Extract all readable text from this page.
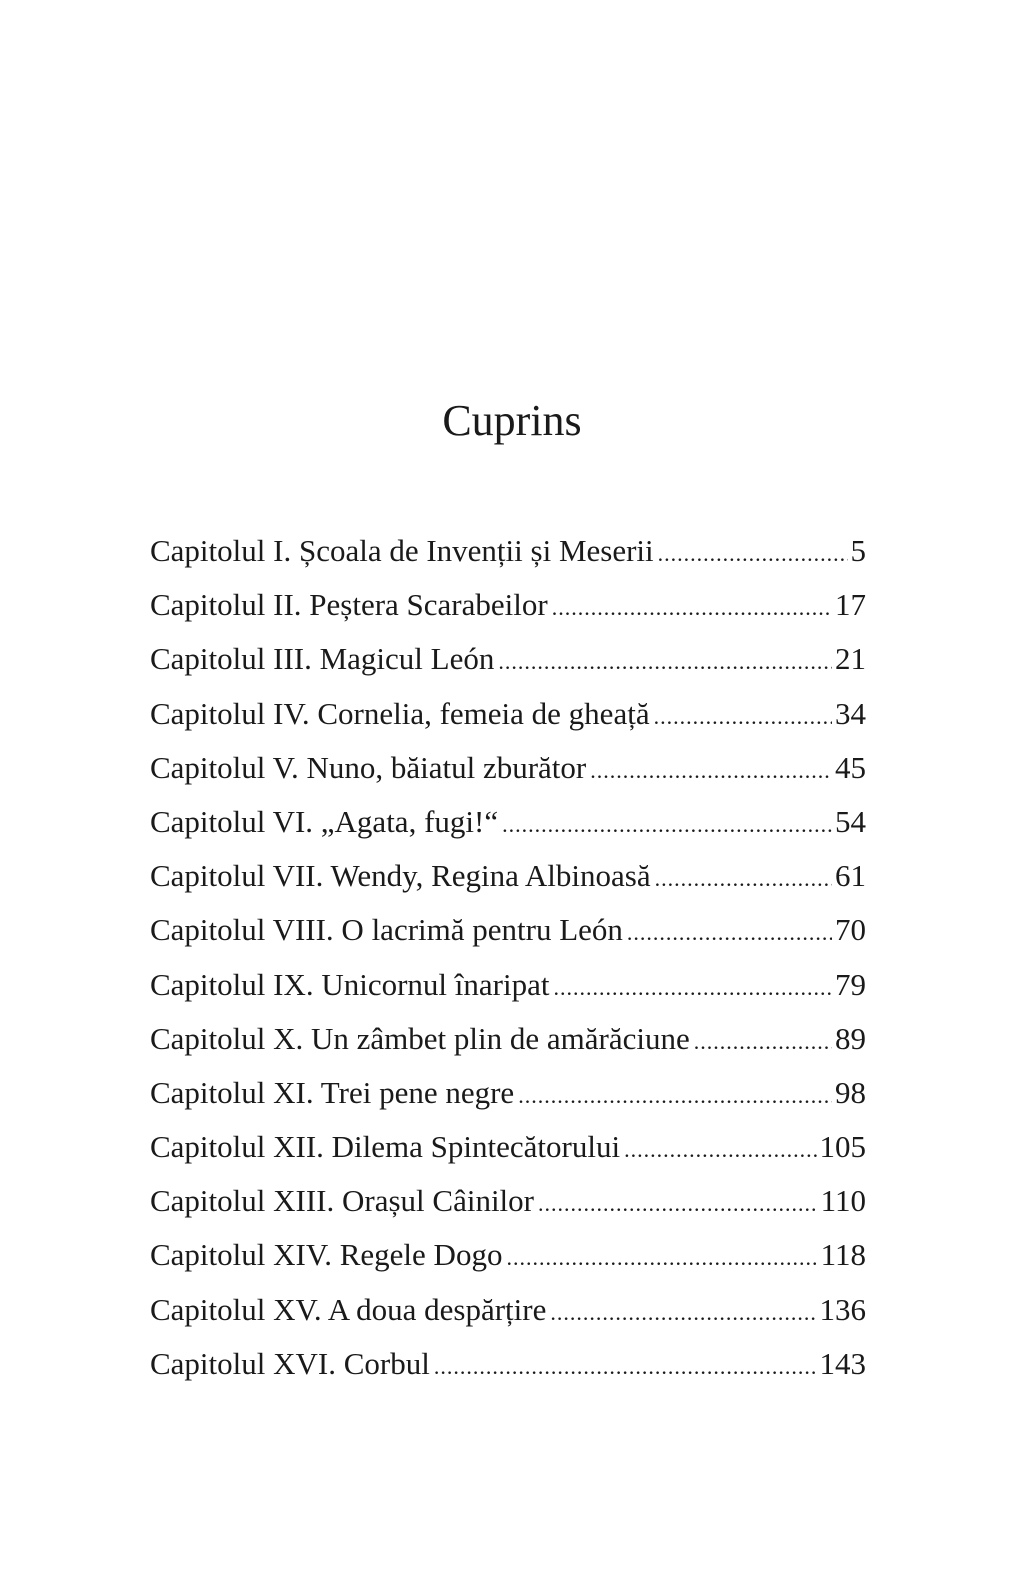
Cuprins
Capitolul I. Școala de Invenții și Meserii .....	5
Capitolul II. Peștera Scarabeilor .....	17
Capitolul III. Magicul León .....	21
Capitolul IV. Cornelia, femeia de gheață .....	34
Capitolul V. Nuno, băiatul zburător .....	45
Capitolul VI. „Agata, fugi!“ .....	54
Capitolul VII. Wendy, Regina Albinoasă .....	61
Capitolul VIII. O lacrimă pentru León .....	70
Capitolul IX. Unicornul înaripat .....	79
Capitolul X. Un zâmbet plin de amărăciune .....	89
Capitolul XI. Trei pene negre .....	98
Capitolul XII. Dilema Spintecătorului .....	105
Capitolul XIII. Orașul Câinilor .....	110
Capitolul XIV. Regele Dogo .....	118
Capitolul XV. A doua despărțire .....	136
Capitolul XVI. Corbul .....	143
